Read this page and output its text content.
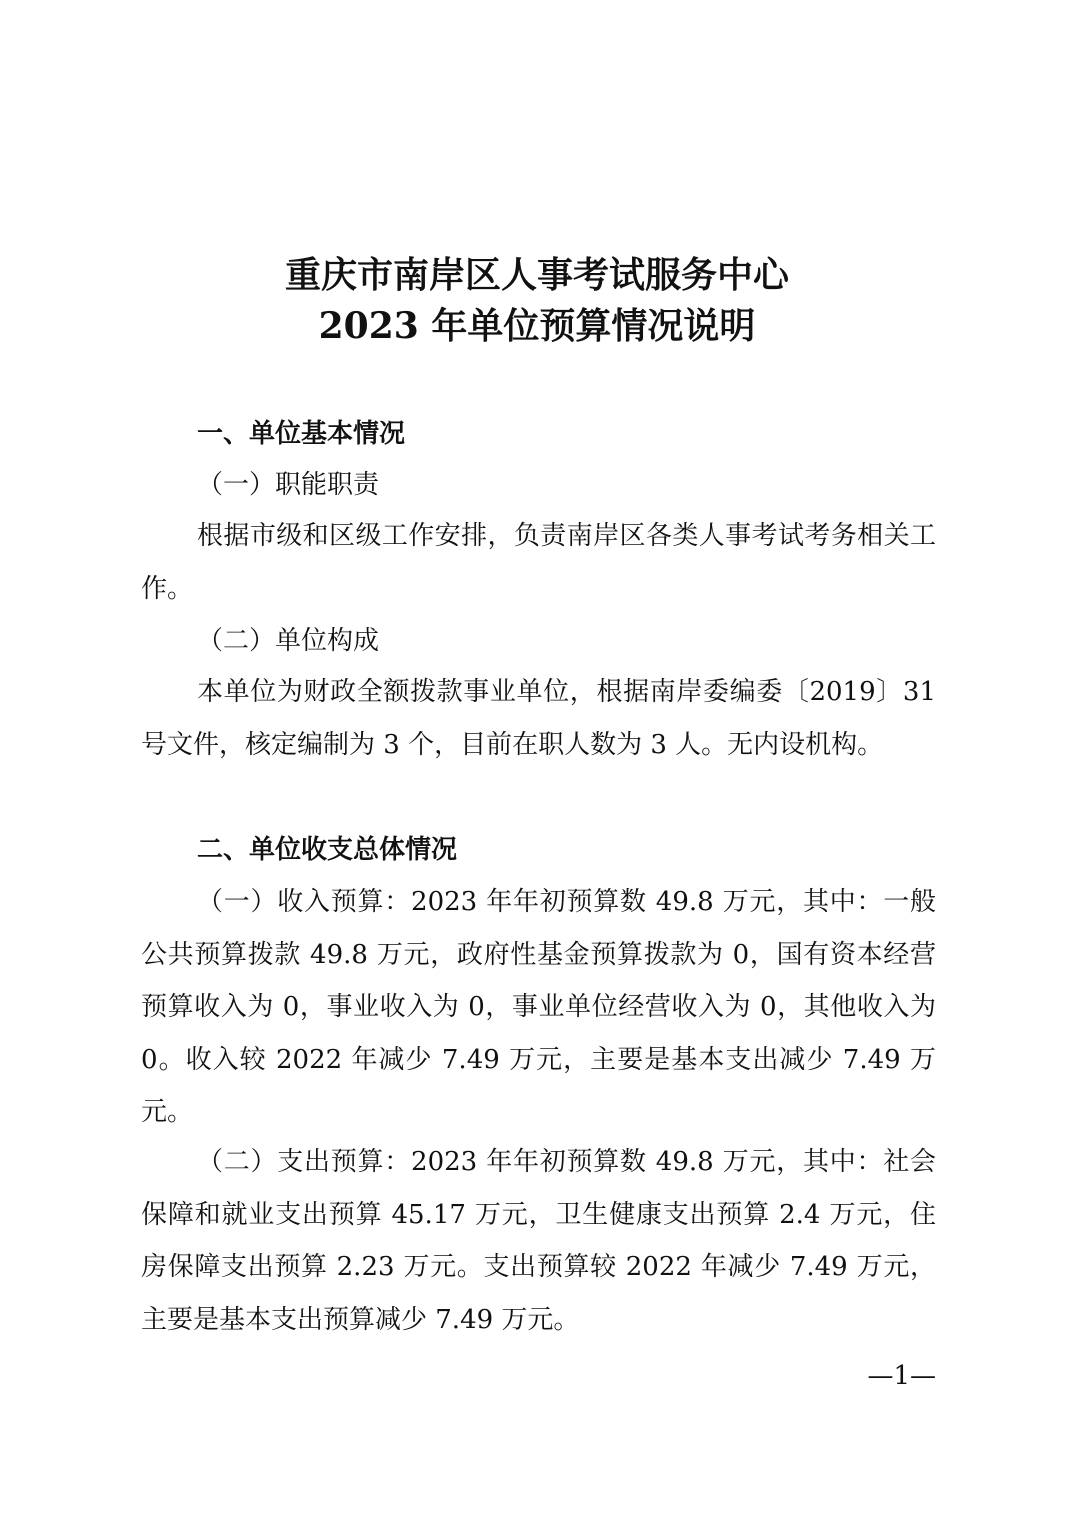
重庆市南岸区人事考试服务中心
2023 年单位预算情况说明
一、单位基本情况

（一）职能职责

根据市级和区级工作安排，负责南岸区各类人事考试考务相关工作。

（二）单位构成

本单位为财政全额拨款事业单位，根据南岸委编委〔2019〕31 号文件，核定编制为 3 个，目前在职人数为 3 人。无内设机构。

二、单位收支总体情况

（一）收入预算：2023 年年初预算数 49.8 万元，其中：一般公共预算拨款 49.8 万元，政府性基金预算拨款为 0，国有资本经营预算收入为 0，事业收入为 0，事业单位经营收入为 0，其他收入为 0。收入较 2022 年减少 7.49 万元，主要是基本支出减少 7.49 万元。

（二）支出预算：2023 年年初预算数 49.8 万元，其中：社会保障和就业支出预算 45.17 万元，卫生健康支出预算 2.4 万元，住房保障支出预算 2.23 万元。支出预算较 2022 年减少 7.49 万元，主要是基本支出预算减少 7.49 万元。

—1—
